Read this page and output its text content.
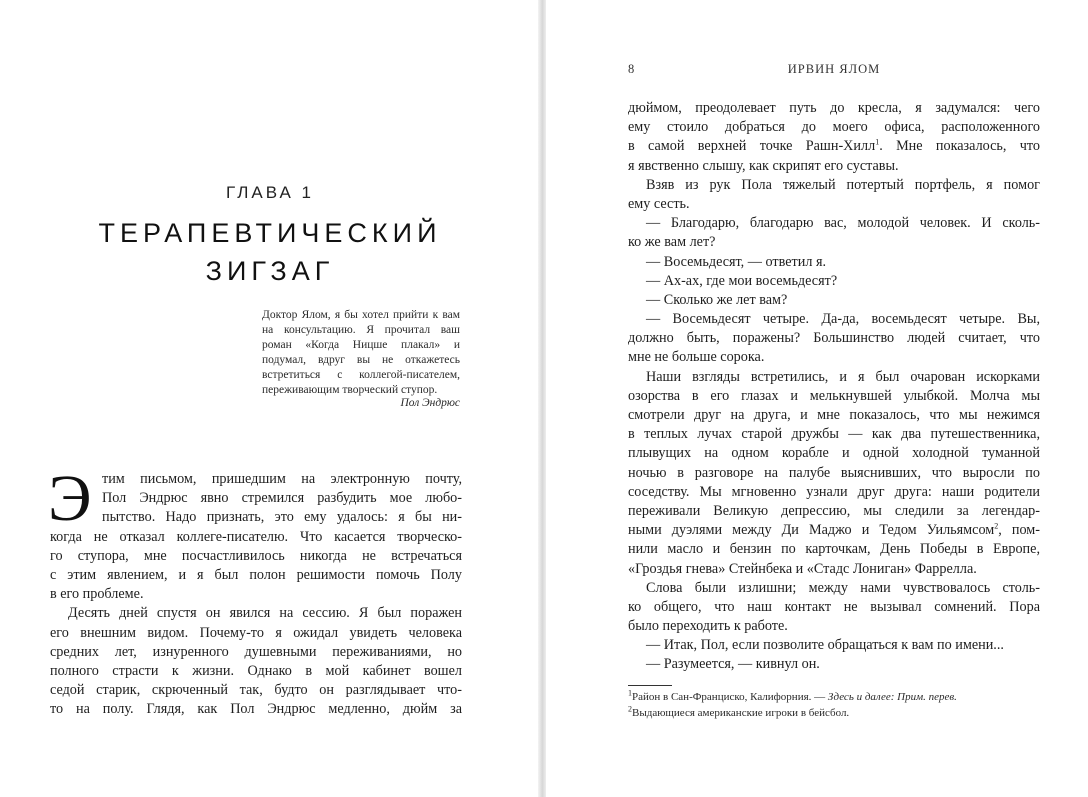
ГЛАВА 1
ТЕРАПЕВТИЧЕСКИЙ
ЗИГЗАГ
Доктор Ялом, я бы хотел прийти к вам на консультацию. Я прочитал ваш роман «Когда Ницше плакал» и подумал, вдруг вы не откажетесь встретиться с коллегой-писателем, переживающим творческий ступор.
Пол Эндрюс
Э тим письмом, пришедшим на электронную почту,
Пол Эндрюс явно стремился разбудить мое любо-
пытство. Надо признать, это ему удалось: я бы ни-
когда не отказал коллеге-писателю. Что касается творческо-
го ступора, мне посчастливилось никогда не встречаться
с этим явлением, и я был полон решимости помочь Полу
в его проблеме.
Десять дней спустя он явился на сессию. Я был поражен
его внешним видом. Почему-то я ожидал увидеть человека
средних лет, изнуренного душевными переживаниями, но
полного страсти к жизни. Однако в мой кабинет вошел
седой старик, скрюченный так, будто он разглядывает что-
то на полу. Глядя, как Пол Эндрюс медленно, дюйм за
8	ИРВИН ЯЛОМ
дюймом, преодолевает путь до кресла, я задумался: чего
ему стоило добраться до моего офиса, расположенного
в самой верхней точке Рашн-Хилл$^1$. Мне показалось, что
я явственно слышу, как скрипят его суставы.
Взяв из рук Пола тяжелый потертый портфель, я помог
ему сесть.
— Благодарю, благодарю вас, молодой человек. И сколь-
ко же вам лет?
— Восемьдесят, — ответил я.
— Ах-ах, где мои восемьдесят?
— Сколько же лет вам?
— Восемьдесят четыре. Да-да, восемьдесят четыре. Вы,
должно быть, поражены? Большинство людей считает, что
мне не больше сорока.
Наши взгляды встретились, и я был очарован искорками
озорства в его глазах и мелькнувшей улыбкой. Молча мы
смотрели друг на друга, и мне показалось, что мы нежимся
в теплых лучах старой дружбы — как два путешественника,
плывущих на одном корабле и одной холодной туманной
ночью в разговоре на палубе выяснивших, что выросли по
соседству. Мы мгновенно узнали друг друга: наши родители
переживали Великую депрессию, мы следили за легендар-
ными дуэлями между Ди Маджо и Тедом Уильямсом$^2$, пом-
нили масло и бензин по карточкам, День Победы в Европе,
«Гроздья гнева» Стейнбека и «Стадс Лониган» Фаррелла.
Слова были излишни; между нами чувствовалось столь-
ко общего, что наш контакт не вызывал сомнений. Пора
было переходить к работе.
— Итак, Пол, если позволите обращаться к вам по имени...
— Разумеется, — кивнул он.
$^1$Район в Сан-Франциско, Калифорния. — Здесь и далее: Прим. перев.
$^2$Выдающиеся американские игроки в бейсбол.
